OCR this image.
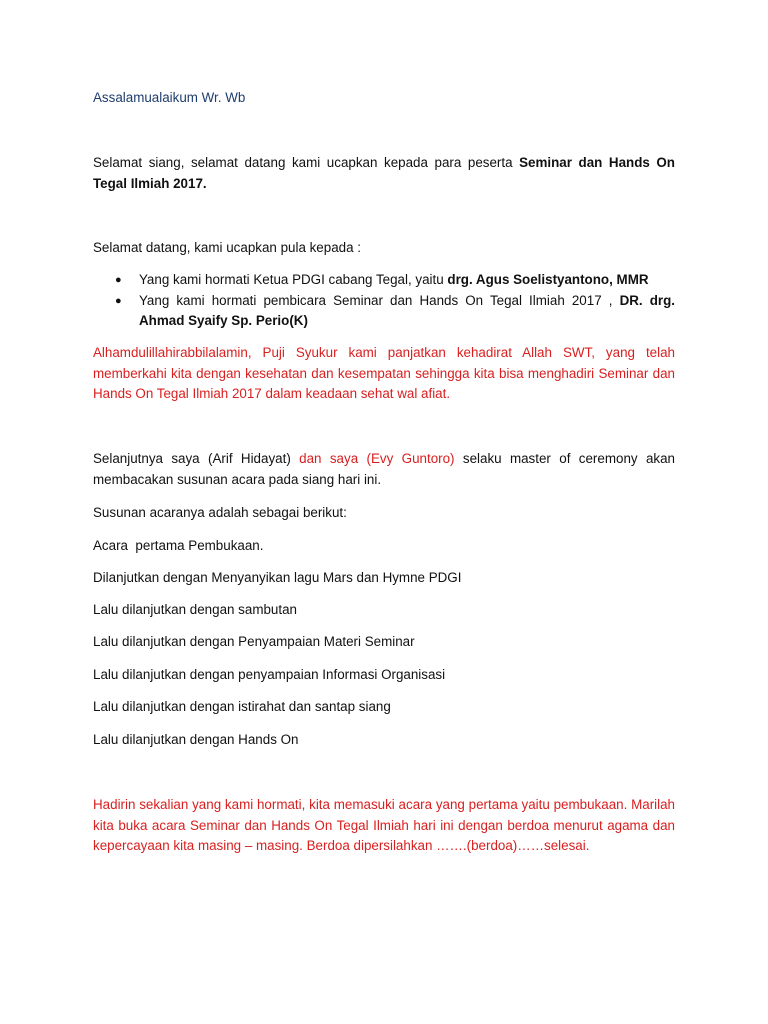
Assalamualaikum Wr. Wb

Selamat siang, selamat datang kami ucapkan kepada para peserta Seminar dan Hands On Tegal Ilmiah 2017.

Selamat datang, kami ucapkan pula kepada :

● Yang kami hormati Ketua PDGI cabang Tegal, yaitu drg. Agus Soelistyantono, MMR
● Yang kami hormati pembicara Seminar dan Hands On Tegal Ilmiah 2017 , DR. drg. Ahmad Syaify Sp. Perio(K)

Alhamdulillahirabbilalamin, Puji Syukur kami panjatkan kehadirat Allah SWT, yang telah memberkahi kita dengan kesehatan dan kesempatan sehingga kita bisa menghadiri Seminar dan Hands On Tegal Ilmiah 2017 dalam keadaan sehat wal afiat.

Selanjutnya saya (Arif Hidayat) dan saya (Evy Guntoro) selaku master of ceremony akan membacakan susunan acara pada siang hari ini.

Susunan acaranya adalah sebagai berikut:

Acara  pertama Pembukaan.

Dilanjutkan dengan Menyanyikan lagu Mars dan Hymne PDGI

Lalu dilanjutkan dengan sambutan

Lalu dilanjutkan dengan Penyampaian Materi Seminar

Lalu dilanjutkan dengan penyampaian Informasi Organisasi

Lalu dilanjutkan dengan istirahat dan santap siang

Lalu dilanjutkan dengan Hands On

Hadirin sekalian yang kami hormati, kita memasuki acara yang pertama yaitu pembukaan. Marilah kita buka acara Seminar dan Hands On Tegal Ilmiah hari ini dengan berdoa menurut agama dan kepercayaan kita masing – masing. Berdoa dipersilahkan …….(berdoa)……selesai.
